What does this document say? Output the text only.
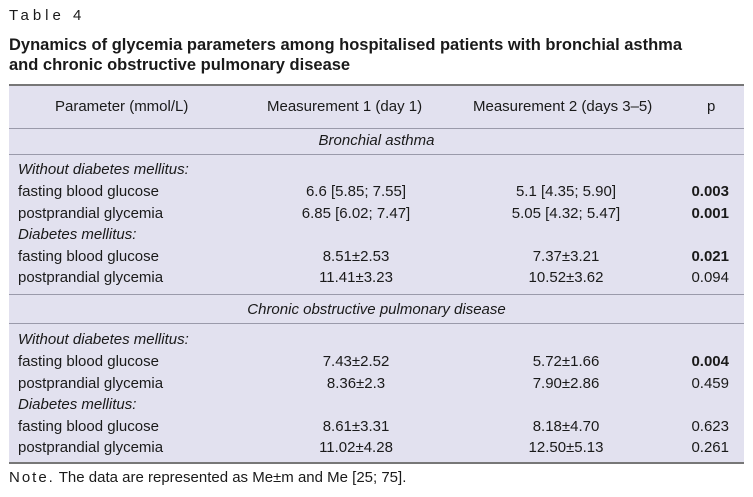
Table 4
Dynamics of glycemia parameters among hospitalised patients with bronchial asthma
and chronic obstructive pulmonary disease
Parameter (mmol/L)	Measurement 1 (day 1)	Measurement 2 (days 3–5)	p
Bronchial asthma
Without diabetes mellitus:
fasting blood glucose	6.6 [5.85; 7.55]	5.1 [4.35; 5.90]	0.003
postprandial glycemia	6.85 [6.02; 7.47]	5.05 [4.32; 5.47]	0.001
Diabetes mellitus:
fasting blood glucose	8.51±2.53	7.37±3.21	0.021
postprandial glycemia	11.41±3.23	10.52±3.62	0.094
Chronic obstructive pulmonary disease
Without diabetes mellitus:
fasting blood glucose	7.43±2.52	5.72±1.66	0.004
postprandial glycemia	8.36±2.3	7.90±2.86	0.459
Diabetes mellitus:
fasting blood glucose	8.61±3.31	8.18±4.70	0.623
postprandial glycemia	11.02±4.28	12.50±5.13	0.261
Note. The data are represented as Me±m and Me [25; 75].
